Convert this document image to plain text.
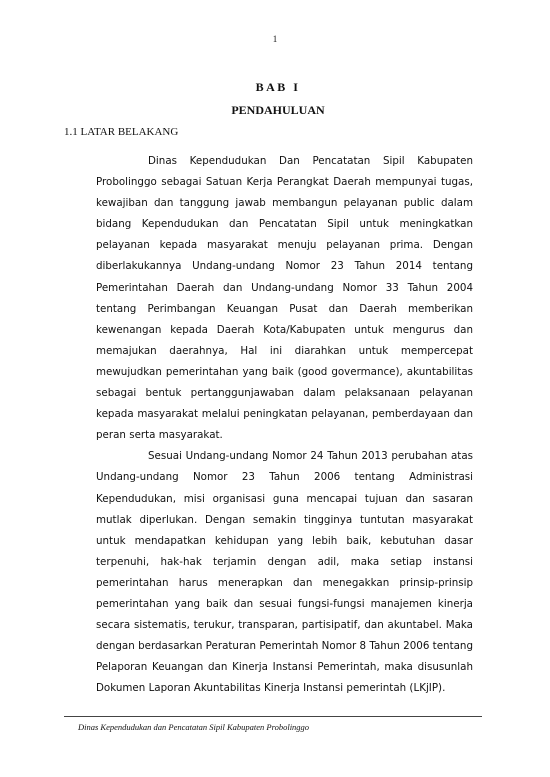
1
BAB I
PENDAHULUAN
1.1 LATAR BELAKANG

Dinas Kependudukan Dan Pencatatan Sipil Kabupaten Probolinggo sebagai Satuan Kerja Perangkat Daerah mempunyai tugas, kewajiban dan tanggung jawab membangun pelayanan public dalam bidang Kependudukan dan Pencatatan Sipil untuk meningkatkan pelayanan kepada masyarakat menuju pelayanan prima. Dengan diberlakukannya Undang-undang Nomor 23 Tahun 2014 tentang Pemerintahan Daerah dan Undang-undang Nomor 33 Tahun 2004 tentang Perimbangan Keuangan Pusat dan Daerah memberikan kewenangan kepada Daerah Kota/Kabupaten untuk mengurus dan memajukan daerahnya, Hal ini diarahkan untuk mempercepat mewujudkan pemerintahan yang baik (good govermance), akuntabilitas sebagai bentuk pertanggunjawaban dalam pelaksanaan pelayanan kepada masyarakat melalui peningkatan pelayanan, pemberdayaan dan peran serta masyarakat.

Sesuai Undang-undang Nomor 24 Tahun 2013 perubahan atas Undang-undang Nomor 23 Tahun 2006 tentang Administrasi Kependudukan, misi organisasi guna mencapai tujuan dan sasaran mutlak diperlukan. Dengan semakin tingginya tuntutan masyarakat untuk mendapatkan kehidupan yang lebih baik, kebutuhan dasar terpenuhi, hak-hak terjamin dengan adil, maka setiap instansi pemerintahan harus menerapkan dan menegakkan prinsip-prinsip pemerintahan yang baik dan sesuai fungsi-fungsi manajemen kinerja secara sistematis, terukur, transparan, partisipatif, dan akuntabel. Maka dengan berdasarkan Peraturan Pemerintah Nomor 8 Tahun 2006 tentang Pelaporan Keuangan dan Kinerja Instansi Pemerintah, maka disusunlah Dokumen Laporan Akuntabilitas Kinerja Instansi pemerintah (LKjIP).

Dinas Kependudukan dan Pencatatan Sipil Kabupaten Probolinggo
